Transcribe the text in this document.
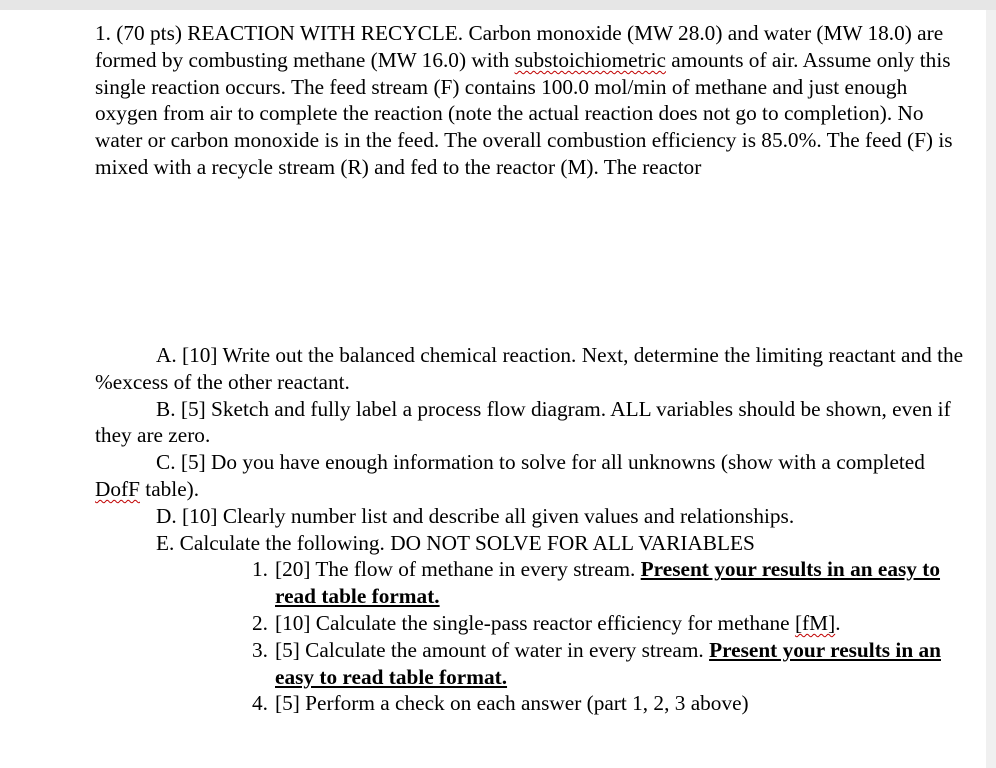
1. (70 pts) REACTION WITH RECYCLE. Carbon monoxide (MW 28.0) and water (MW 18.0) are formed by combusting methane (MW 16.0) with substoichiometric amounts of air. Assume only this single reaction occurs. The feed stream (F) contains 100.0 mol/min of methane and just enough oxygen from air to complete the reaction (note the actual reaction does not go to completion). No water or carbon monoxide is in the feed. The overall combustion efficiency is 85.0%. The feed (F) is mixed with a recycle stream (R) and fed to the reactor (M). The reactor

A. [10] Write out the balanced chemical reaction. Next, determine the limiting reactant and the %excess of the other reactant.

B. [5] Sketch and fully label a process flow diagram. ALL variables should be shown, even if they are zero.

C. [5] Do you have enough information to solve for all unknowns (show with a completed DofF table).

D. [10] Clearly number list and describe all given values and relationships.

E. Calculate the following. DO NOT SOLVE FOR ALL VARIABLES

1. [20] The flow of methane in every stream. Present your results in an easy to read table format.
2. [10] Calculate the single-pass reactor efficiency for methane [fM].
3. [5] Calculate the amount of water in every stream. Present your results in an easy to read table format.
4. [5] Perform a check on each answer (part 1, 2, 3 above)
